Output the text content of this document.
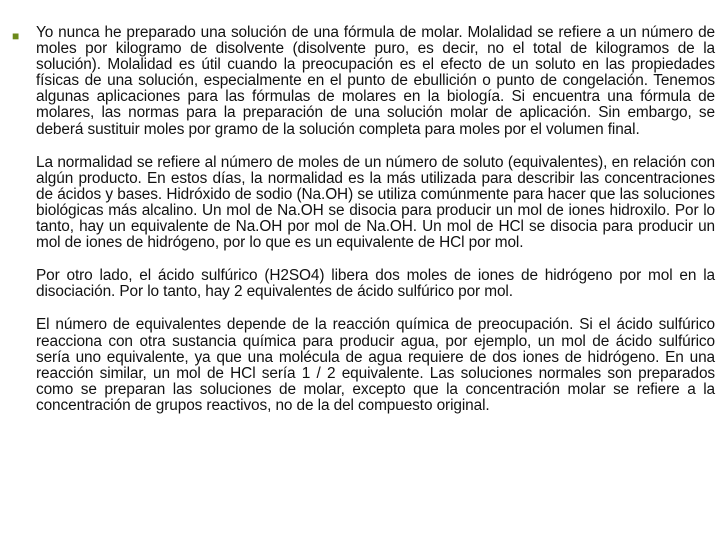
■ Yo nunca he preparado una solución de una fórmula de molar. Molalidad se refiere a un número de moles por kilogramo de disolvente (disolvente puro, es decir, no el total de kilogramos de la solución). Molalidad es útil cuando la preocupación es el efecto de un soluto en las propiedades físicas de una solución, especialmente en el punto de ebullición o punto de congelación. Tenemos algunas aplicaciones para las fórmulas de molares en la biología. Si encuentra una fórmula de molares, las normas para la preparación de una solución molar de aplicación. Sin embargo, se deberá sustituir moles por gramo de la solución completa para moles por el volumen final.

La normalidad se refiere al número de moles de un número de soluto (equivalentes), en relación con algún producto. En estos días, la normalidad es la más utilizada para describir las concentraciones de ácidos y bases. Hidróxido de sodio (Na.OH) se utiliza comúnmente para hacer que las soluciones biológicas más alcalino. Un mol de Na.OH se disocia para producir un mol de iones hidroxilo. Por lo tanto, hay un equivalente de Na.OH por mol de Na.OH. Un mol de HCl se disocia para producir un mol de iones de hidrógeno, por lo que es un equivalente de HCl por mol.

Por otro lado, el ácido sulfúrico (H2SO4) libera dos moles de iones de hidrógeno por mol en la disociación. Por lo tanto, hay 2 equivalentes de ácido sulfúrico por mol.

El número de equivalentes depende de la reacción química de preocupación. Si el ácido sulfúrico reacciona con otra sustancia química para producir agua, por ejemplo, un mol de ácido sulfúrico sería uno equivalente, ya que una molécula de agua requiere de dos iones de hidrógeno. En una reacción similar, un mol de HCl sería 1 / 2 equivalente. Las soluciones normales son preparados como se preparan las soluciones de molar, excepto que la concentración molar se refiere a la concentración de grupos reactivos, no de la del compuesto original.
